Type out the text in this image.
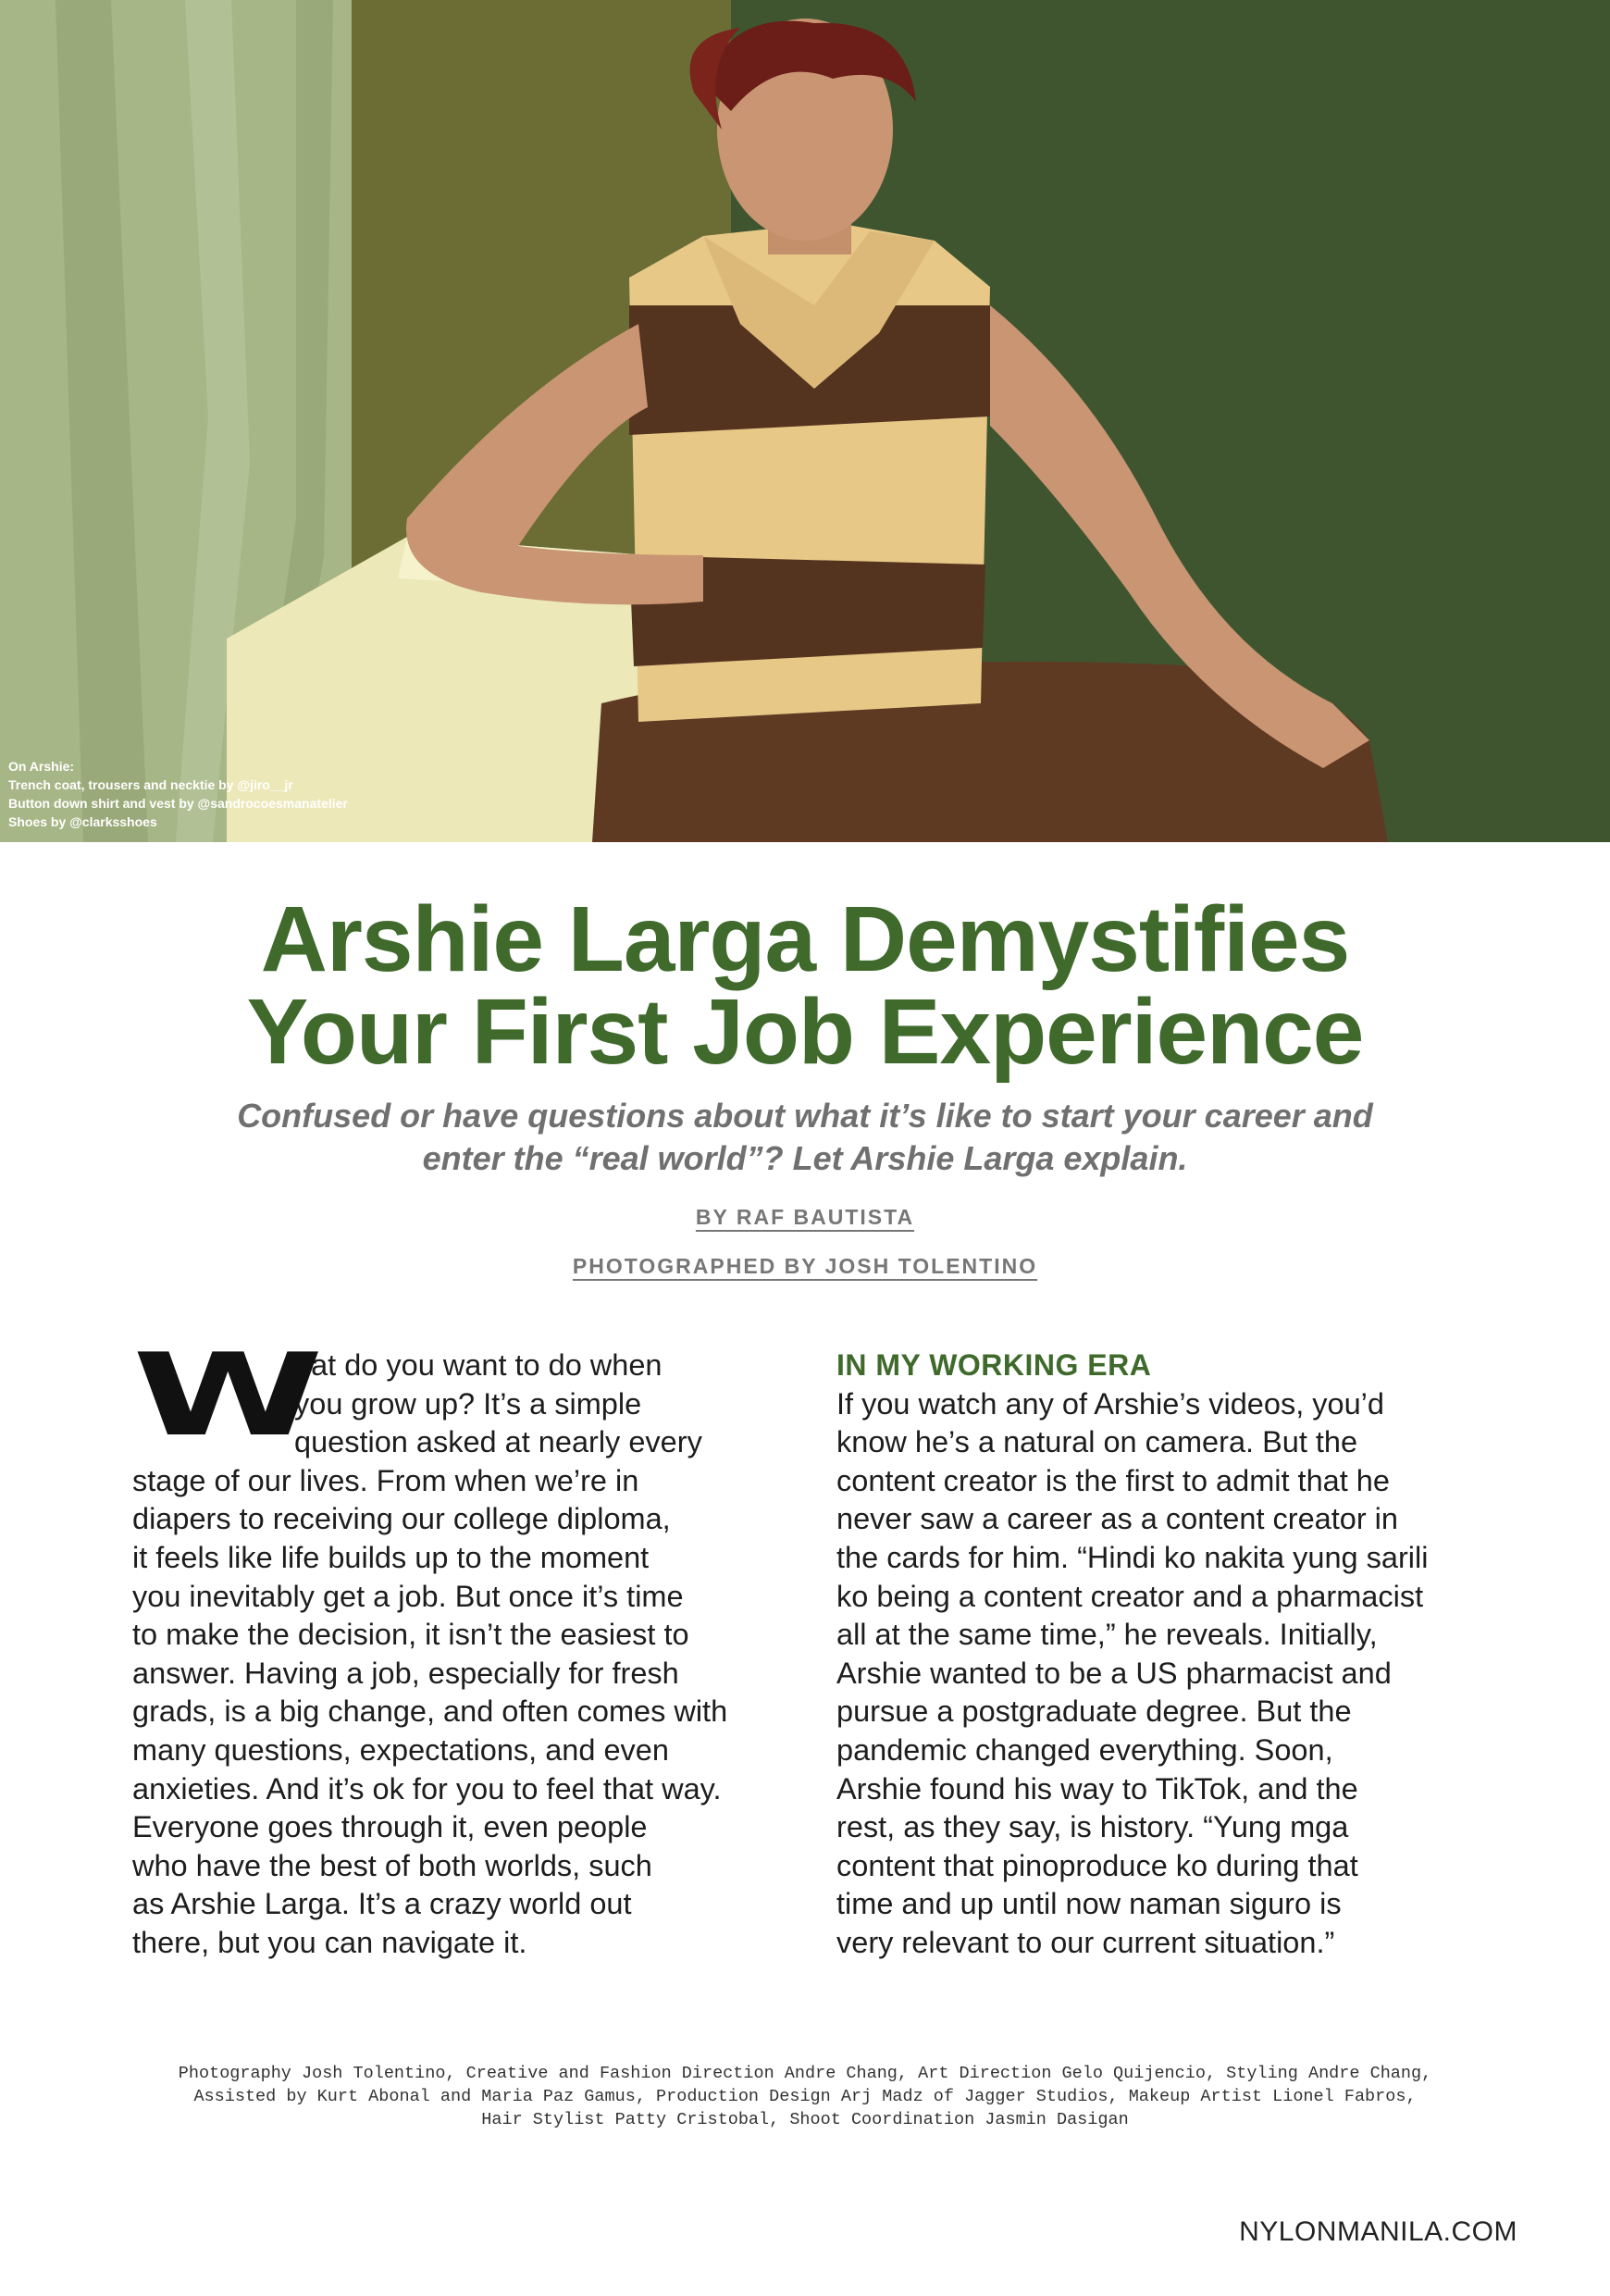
On Arshie:
Trench coat, trousers and necktie by @jiro__jr
Button down shirt and vest by @sandrocoesmanatelier
Shoes by @clarksshoes
Arshie Larga Demystifies
Your First Job Experience
Confused or have questions about what it’s like to start your career and
enter the “real world”? Let Arshie Larga explain.
BY RAF BAUTISTA
PHOTOGRAPHED BY JOSH TOLENTINO
W
hat do you want to do when
you grow up? It’s a simple
question asked at nearly every
stage of our lives. From when we’re in
diapers to receiving our college diploma,
it feels like life builds up to the moment
you inevitably get a job. But once it’s time
to make the decision, it isn’t the easiest to
answer. Having a job, especially for fresh
grads, is a big change, and often comes with
many questions, expectations, and even
anxieties. And it’s ok for you to feel that way.
Everyone goes through it, even people
who have the best of both worlds, such
as Arshie Larga. It’s a crazy world out
there, but you can navigate it.
IN MY WORKING ERA
If you watch any of Arshie’s videos, you’d
know he’s a natural on camera. But the
content creator is the first to admit that he
never saw a career as a content creator in
the cards for him. “Hindi ko nakita yung sarili
ko being a content creator and a pharmacist
all at the same time,” he reveals. Initially,
Arshie wanted to be a US pharmacist and
pursue a postgraduate degree. But the
pandemic changed everything. Soon,
Arshie found his way to TikTok, and the
rest, as they say, is history. “Yung mga
content that pinoproduce ko during that
time and up until now naman siguro is
very relevant to our current situation.”
Photography Josh Tolentino, Creative and Fashion Direction Andre Chang, Art Direction Gelo Quijencio, Styling Andre Chang,
Assisted by Kurt Abonal and Maria Paz Gamus, Production Design Arj Madz of Jagger Studios, Makeup Artist Lionel Fabros,
Hair Stylist Patty Cristobal, Shoot Coordination Jasmin Dasigan
NYLONMANILA.COM
